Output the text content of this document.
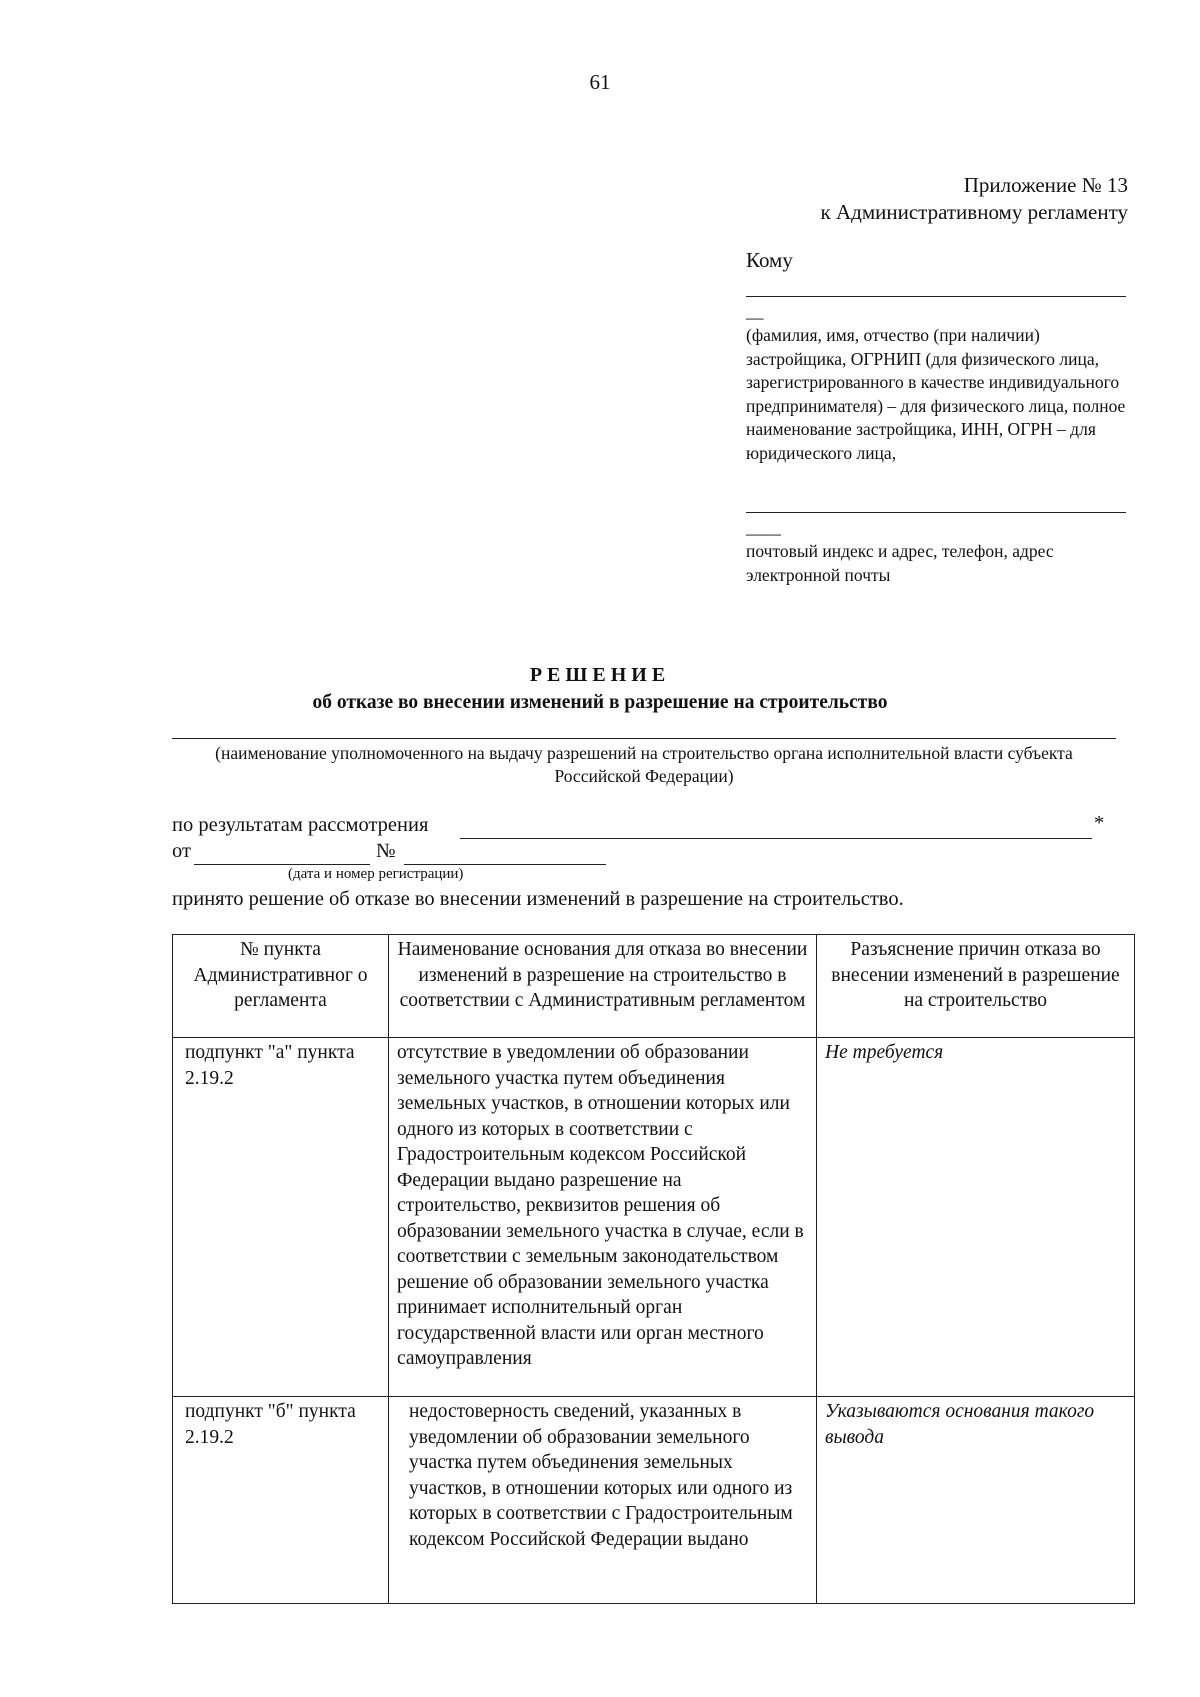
61
Приложение № 13
к Административному регламенту
Кому
__
(фамилия, имя, отчество (при наличии) застройщика, ОГРНИП (для физического лица, зарегистрированного в качестве индивидуального предпринимателя) – для физического лица, полное наименование застройщика, ИНН, ОГРН – для юридического лица,
____
почтовый индекс и адрес, телефон, адрес электронной почты
РЕШЕНИЕ
об отказе во внесении изменений в разрешение на строительство
(наименование уполномоченного на выдачу разрешений на строительство органа исполнительной власти субъекта Российской Федерации)
по результатам рассмотрения	*
от	№
(дата и номер регистрации)
принято решение об отказе во внесении изменений в разрешение на строительство.
№ пункта Административног о регламента	Наименование основания для отказа во внесении изменений в разрешение на строительство в соответствии с Административным регламентом	Разъяснение причин отказа во внесении изменений в разрешение на строительство
подпункт "а" пункта 2.19.2	отсутствие в уведомлении об образовании земельного участка путем объединения земельных участков, в отношении которых или одного из которых в соответствии с Градостроительным кодексом Российской Федерации выдано разрешение на строительство, реквизитов решения об образовании земельного участка в случае, если в соответствии с земельным законодательством решение об образовании земельного участка принимает исполнительный орган государственной власти или орган местного самоуправления	Не требуется
подпункт "б" пункта 2.19.2	недостоверность сведений, указанных в уведомлении об образовании земельного участка путем объединения земельных участков, в отношении которых или одного из которых в соответствии с Градостроительным кодексом Российской Федерации выдано	Указываются основания такого вывода
